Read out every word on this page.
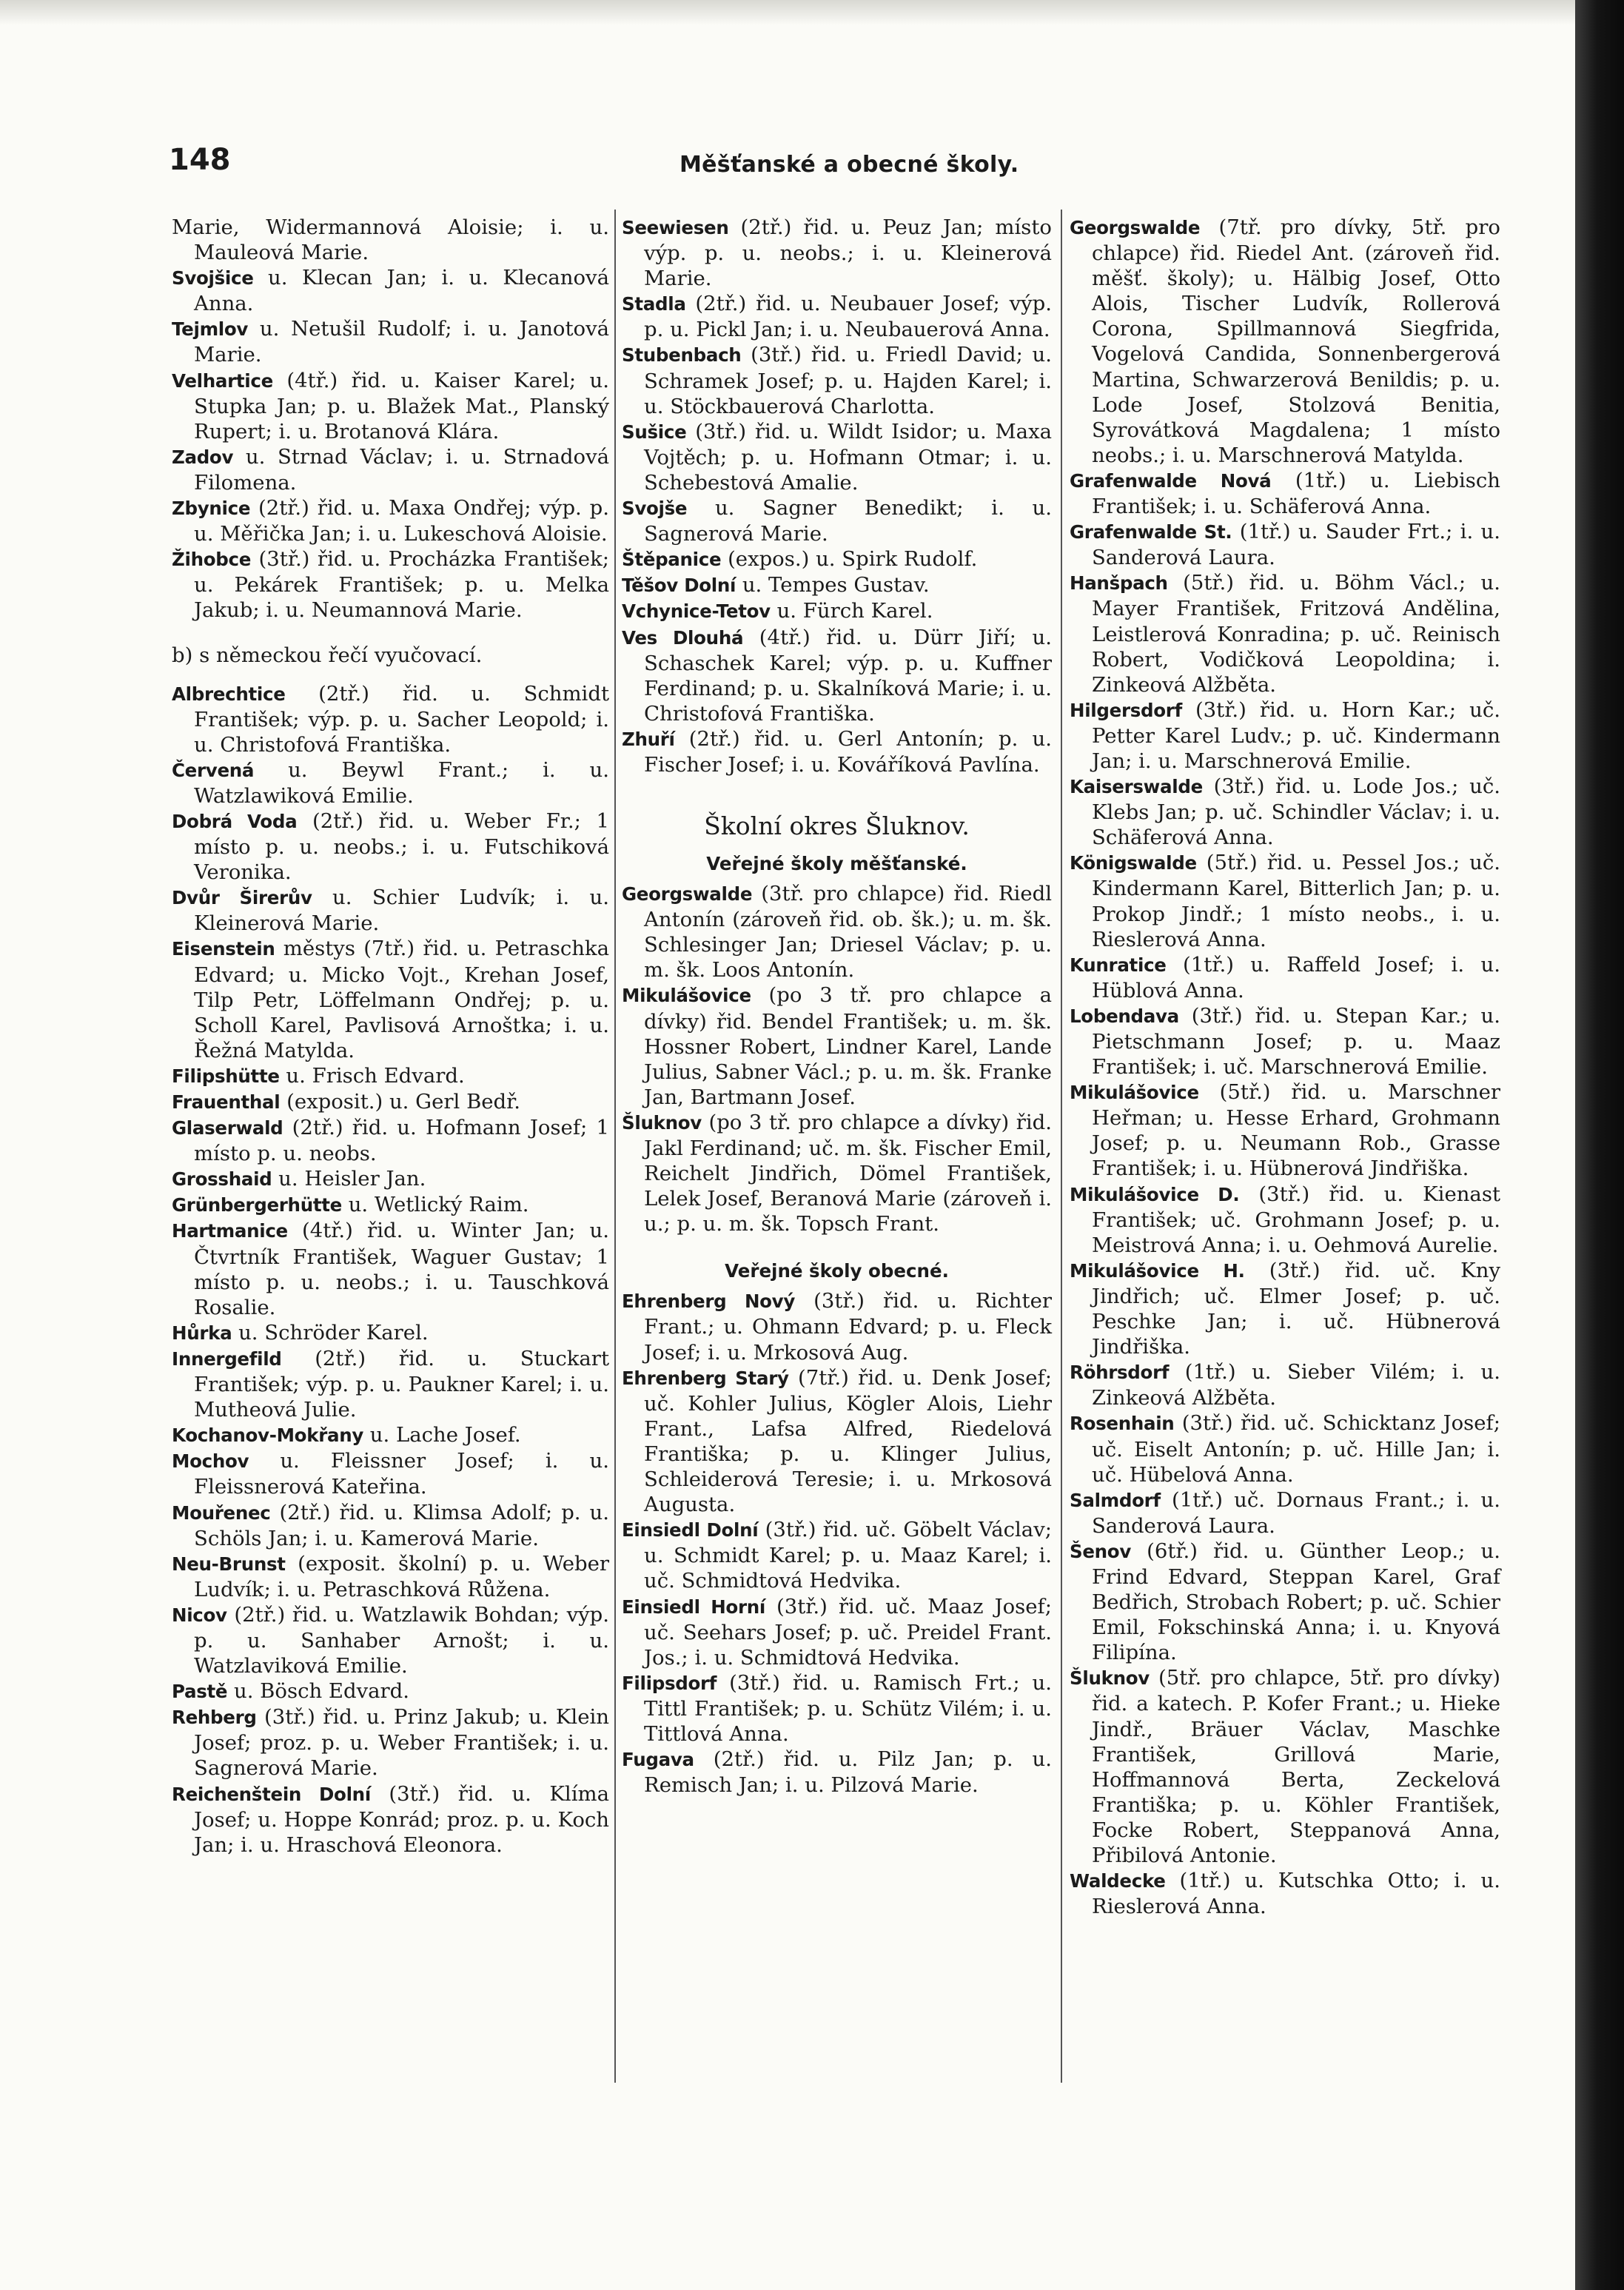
148	Měšťanské a obecné školy.

Marie, Widermannová Aloisie; i. u. Mauleová Marie.

Svojšice u. Klecan Jan; i. u. Klecanová Anna.

Tejmlov u. Netušil Rudolf; i. u. Janotová Marie.

Velhartice (4tř.) řid. u. Kaiser Karel; u. Stupka Jan; p. u. Blažek Mat., Planský Rupert; i. u. Brotanová Klára.

Zadov u. Strnad Václav; i. u. Strnadová Filomena.

Zbynice (2tř.) řid. u. Maxa Ondřej; výp. p. u. Měřička Jan; i. u. Lukeschová Aloisie.

Žihobce (3tř.) řid. u. Procházka František; u. Pekárek František; p. u. Melka Jakub; i. u. Neumannová Marie.

b) s německou řečí vyučovací.

Albrechtice (2tř.) řid. u. Schmidt František; výp. p. u. Sacher Leopold; i. u. Christofová Františka.

Červená u. Beywl Frant.; i. u. Watzlawiková Emilie.

Dobrá Voda (2tř.) řid. u. Weber Fr.; 1 místo p. u. neobs.; i. u. Futschiková Veronika.

Dvůr Širerův u. Schier Ludvík; i. u. Kleinerová Marie.

Eisenstein městys (7tř.) řid. u. Petraschka Edvard; u. Micko Vojt., Krehan Josef, Tilp Petr, Löffelmann Ondřej; p. u. Scholl Karel, Pavlisová Arnoštka; i. u. Řežná Matylda.

Filipshütte u. Frisch Edvard.

Frauenthal (exposit.) u. Gerl Bedř.

Glaserwald (2tř.) řid. u. Hofmann Josef; 1 místo p. u. neobs.

Grosshaid u. Heisler Jan.

Grünbergerhütte u. Wetlický Raim.

Hartmanice (4tř.) řid. u. Winter Jan; u. Čtvrtník František, Waguer Gustav; 1 místo p. u. neobs.; i. u. Tauschková Rosalie.

Hůrka u. Schröder Karel.

Innergefild (2tř.) řid. u. Stuckart František; výp. p. u. Paukner Karel; i. u. Mutheová Julie.

Kochanov-Mokřany u. Lache Josef.

Mochov u. Fleissner Josef; i. u. Fleissnerová Kateřina.

Mouřenec (2tř.) řid. u. Klimsa Adolf; p. u. Schöls Jan; i. u. Kamerová Marie.

Neu-Brunst (exposit. školní) p. u. Weber Ludvík; i. u. Petraschková Růžena.

Nicov (2tř.) řid. u. Watzlawik Bohdan; výp. p. u. Sanhaber Arnošt; i. u. Watzlaviková Emilie.

Pastě u. Bösch Edvard.

Rehberg (3tř.) řid. u. Prinz Jakub; u. Klein Josef; proz. p. u. Weber František; i. u. Sagnerová Marie.

Reichenštein Dolní (3tř.) řid. u. Klíma Josef; u. Hoppe Konrád; proz. p. u. Koch Jan; i. u. Hraschová Eleonora.

Seewiesen (2tř.) řid. u. Peuz Jan; místo výp. p. u. neobs.; i. u. Kleinerová Marie.

Stadla (2tř.) řid. u. Neubauer Josef; výp. p. u. Pickl Jan; i. u. Neubauerová Anna.

Stubenbach (3tř.) řid. u. Friedl David; u. Schramek Josef; p. u. Hajden Karel; i. u. Stöckbauerová Charlotta.

Sušice (3tř.) řid. u. Wildt Isidor; u. Maxa Vojtěch; p. u. Hofmann Otmar; i. u. Schebestová Amalie.

Svojše u. Sagner Benedikt; i. u. Sagnerová Marie.

Štěpanice (expos.) u. Spirk Rudolf.

Těšov Dolní u. Tempes Gustav.

Vchynice-Tetov u. Fürch Karel.

Ves Dlouhá (4tř.) řid. u. Dürr Jiří; u. Schaschek Karel; výp. p. u. Kuffner Ferdinand; p. u. Skalníková Marie; i. u. Christofová Františka.

Zhuří (2tř.) řid. u. Gerl Antonín; p. u. Fischer Josef; i. u. Kováříková Pavlína.

Školní okres Šluknov.
Veřejné školy měšťanské.

Georgswalde (3tř. pro chlapce) řid. Riedl Antonín (zároveň řid. ob. šk.); u. m. šk. Schlesinger Jan; Driesel Václav; p. u. m. šk. Loos Antonín.

Mikulášovice (po 3 tř. pro chlapce a dívky) řid. Bendel František; u. m. šk. Hossner Robert, Lindner Karel, Lande Julius, Sabner Václ.; p. u. m. šk. Franke Jan, Bartmann Josef.

Šluknov (po 3 tř. pro chlapce a dívky) řid. Jakl Ferdinand; uč. m. šk. Fischer Emil, Reichelt Jindřich, Dömel František, Lelek Josef, Beranová Marie (zároveň i. u.; p. u. m. šk. Topsch Frant.

Veřejné školy obecné.

Ehrenberg Nový (3tř.) řid. u. Richter Frant.; u. Ohmann Edvard; p. u. Fleck Josef; i. u. Mrkosová Aug.

Ehrenberg Starý (7tř.) řid. u. Denk Josef; uč. Kohler Julius, Kögler Alois, Liehr Frant., Lafsa Alfred, Riedelová Františka; p. u. Klinger Julius, Schleiderová Teresie; i. u. Mrkosová Augusta.

Einsiedl Dolní (3tř.) řid. uč. Göbelt Václav; u. Schmidt Karel; p. u. Maaz Karel; i. uč. Schmidtová Hedvika.

Einsiedl Horní (3tř.) řid. uč. Maaz Josef; uč. Seehars Josef; p. uč. Preidel Frant. Jos.; i. u. Schmidtová Hedvika.

Filipsdorf (3tř.) řid. u. Ramisch Frt.; u. Tittl František; p. u. Schütz Vilém; i. u. Tittlová Anna.

Fugava (2tř.) řid. u. Pilz Jan; p. u. Remisch Jan; i. u. Pilzová Marie.

Georgswalde (7tř. pro dívky, 5tř. pro chlapce) řid. Riedel Ant. (zároveň řid. měšť. školy); u. Hälbig Josef, Otto Alois, Tischer Ludvík, Rollerová Corona, Spillmannová Siegfrida, Vogelová Candida, Sonnenbergerová Martina, Schwarzerová Benildis; p. u. Lode Josef, Stolzová Benitia, Syrovátková Magdalena; 1 místo neobs.; i. u. Marschnerová Matylda.

Grafenwalde Nová (1tř.) u. Liebisch František; i. u. Schäferová Anna.

Grafenwalde St. (1tř.) u. Sauder Frt.; i. u. Sanderová Laura.

Hanšpach (5tř.) řid. u. Böhm Václ.; u. Mayer František, Fritzová Andělina, Leistlerová Konradina; p. uč. Reinisch Robert, Vodičková Leopoldina; i. Zinkeová Alžběta.

Hilgersdorf (3tř.) řid. u. Horn Kar.; uč. Petter Karel Ludv.; p. uč. Kindermann Jan; i. u. Marschnerová Emilie.

Kaiserswalde (3tř.) řid. u. Lode Jos.; uč. Klebs Jan; p. uč. Schindler Václav; i. u. Schäferová Anna.

Königswalde (5tř.) řid. u. Pessel Jos.; uč. Kindermann Karel, Bitterlich Jan; p. u. Prokop Jindř.; 1 místo neobs., i. u. Rieslerová Anna.

Kunratice (1tř.) u. Raffeld Josef; i. u. Hüblová Anna.

Lobendava (3tř.) řid. u. Stepan Kar.; u. Pietschmann Josef; p. u. Maaz František; i. uč. Marschnerová Emilie.

Mikulášovice (5tř.) řid. u. Marschner Heřman; u. Hesse Erhard, Grohmann Josef; p. u. Neumann Rob., Grasse František; i. u. Hübnerová Jindřiška.

Mikulášovice D. (3tř.) řid. u. Kienast František; uč. Grohmann Josef; p. u. Meistrová Anna; i. u. Oehmová Aurelie.

Mikulášovice H. (3tř.) řid. uč. Kny Jindřich; uč. Elmer Josef; p. uč. Peschke Jan; i. uč. Hübnerová Jindřiška.

Röhrsdorf (1tř.) u. Sieber Vilém; i. u. Zinkeová Alžběta.

Rosenhain (3tř.) řid. uč. Schicktanz Josef; uč. Eiselt Antonín; p. uč. Hille Jan; i. uč. Hübelová Anna.

Salmdorf (1tř.) uč. Dornaus Frant.; i. u. Sanderová Laura.

Šenov (6tř.) řid. u. Günther Leop.; u. Frind Edvard, Steppan Karel, Graf Bedřich, Strobach Robert; p. uč. Schier Emil, Fokschinská Anna; i. u. Knyová Filipína.

Šluknov (5tř. pro chlapce, 5tř. pro dívky) řid. a katech. P. Kofer Frant.; u. Hieke Jindř., Bräuer Václav, Maschke František, Grillová Marie, Hoffmannová Berta, Zeckelová Františka; p. u. Köhler František, Focke Robert, Steppanová Anna, Přibilová Antonie.

Waldecke (1tř.) u. Kutschka Otto; i. u. Rieslerová Anna.
